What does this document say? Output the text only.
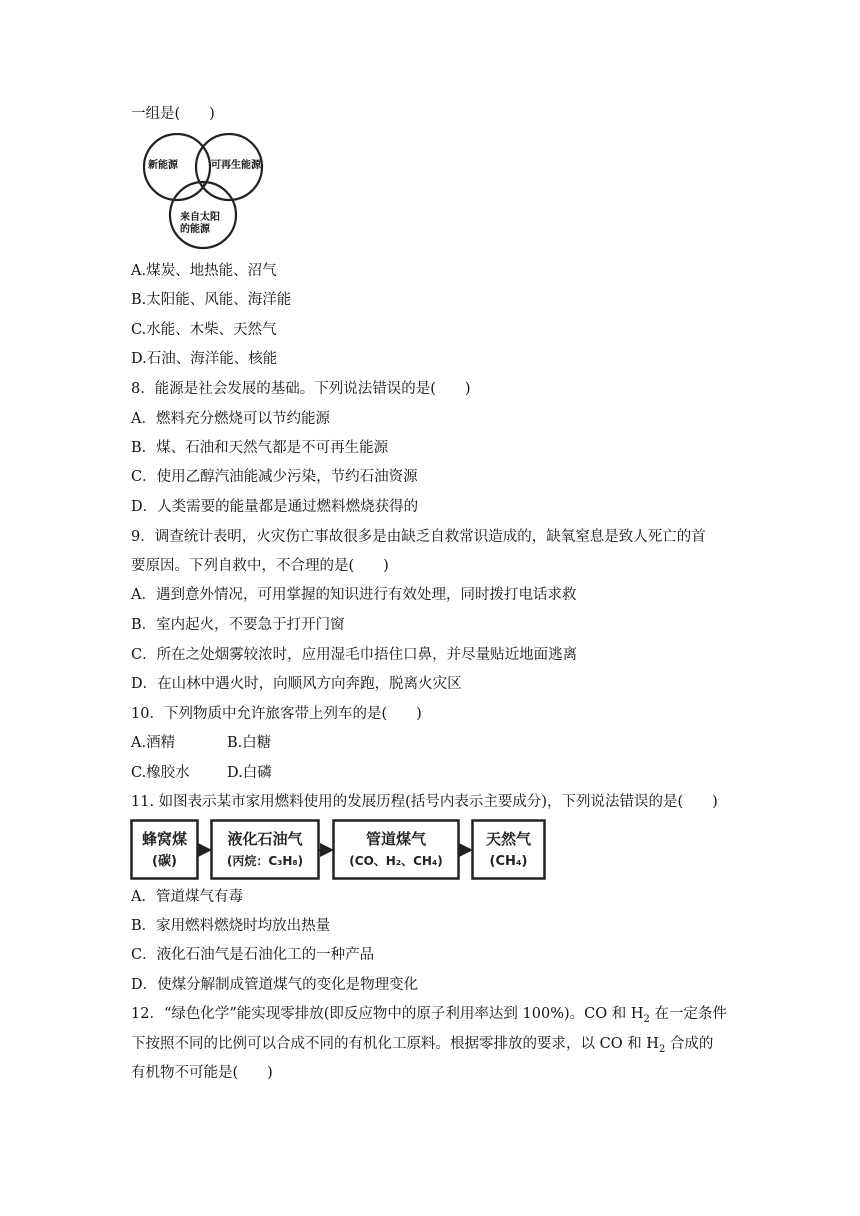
一组是(　　)
新能源	可再生能源
来自太阳
的能源
A.煤炭、地热能、沼气
B.太阳能、风能、海洋能
C.水能、木柴、天然气
D.石油、海洋能、核能
8．能源是社会发展的基础。下列说法错误的是(　　)
A．燃料充分燃烧可以节约能源
B．煤、石油和天然气都是不可再生能源
C．使用乙醇汽油能减少污染，节约石油资源
D．人类需要的能量都是通过燃料燃烧获得的
9．调查统计表明，火灾伤亡事故很多是由缺乏自救常识造成的，缺氧窒息是致人死亡的首
要原因。下列自救中，不合理的是(　　)
A．遇到意外情况，可用掌握的知识进行有效处理，同时拨打电话求救
B．室内起火，不要急于打开门窗
C．所在之处烟雾较浓时，应用湿毛巾捂住口鼻，并尽量贴近地面逃离
D．在山林中遇火时，向顺风方向奔跑，脱离火灾区
10．下列物质中允许旅客带上列车的是(　　)
A.酒精	B.白糖
C.橡胶水	D.白磷
11. 如图表示某市家用燃料使用的发展历程(括号内表示主要成分)，下列说法错误的是(　　)
蜂窝煤
(碳)
液化石油气
(丙烷：C₃H₈)
管道煤气
(CO、H₂、CH₄)
天然气
(CH₄)
A．管道煤气有毒
B．家用燃料燃烧时均放出热量
C．液化石油气是石油化工的一种产品
D．使煤分解制成管道煤气的变化是物理变化
12．“绿色化学”能实现零排放(即反应物中的原子利用率达到 100%)。CO 和 $H_2$ 在一定条件
下按照不同的比例可以合成不同的有机化工原料。根据零排放的要求，以 CO 和 $H_2$ 合成的
有机物不可能是(　　)
